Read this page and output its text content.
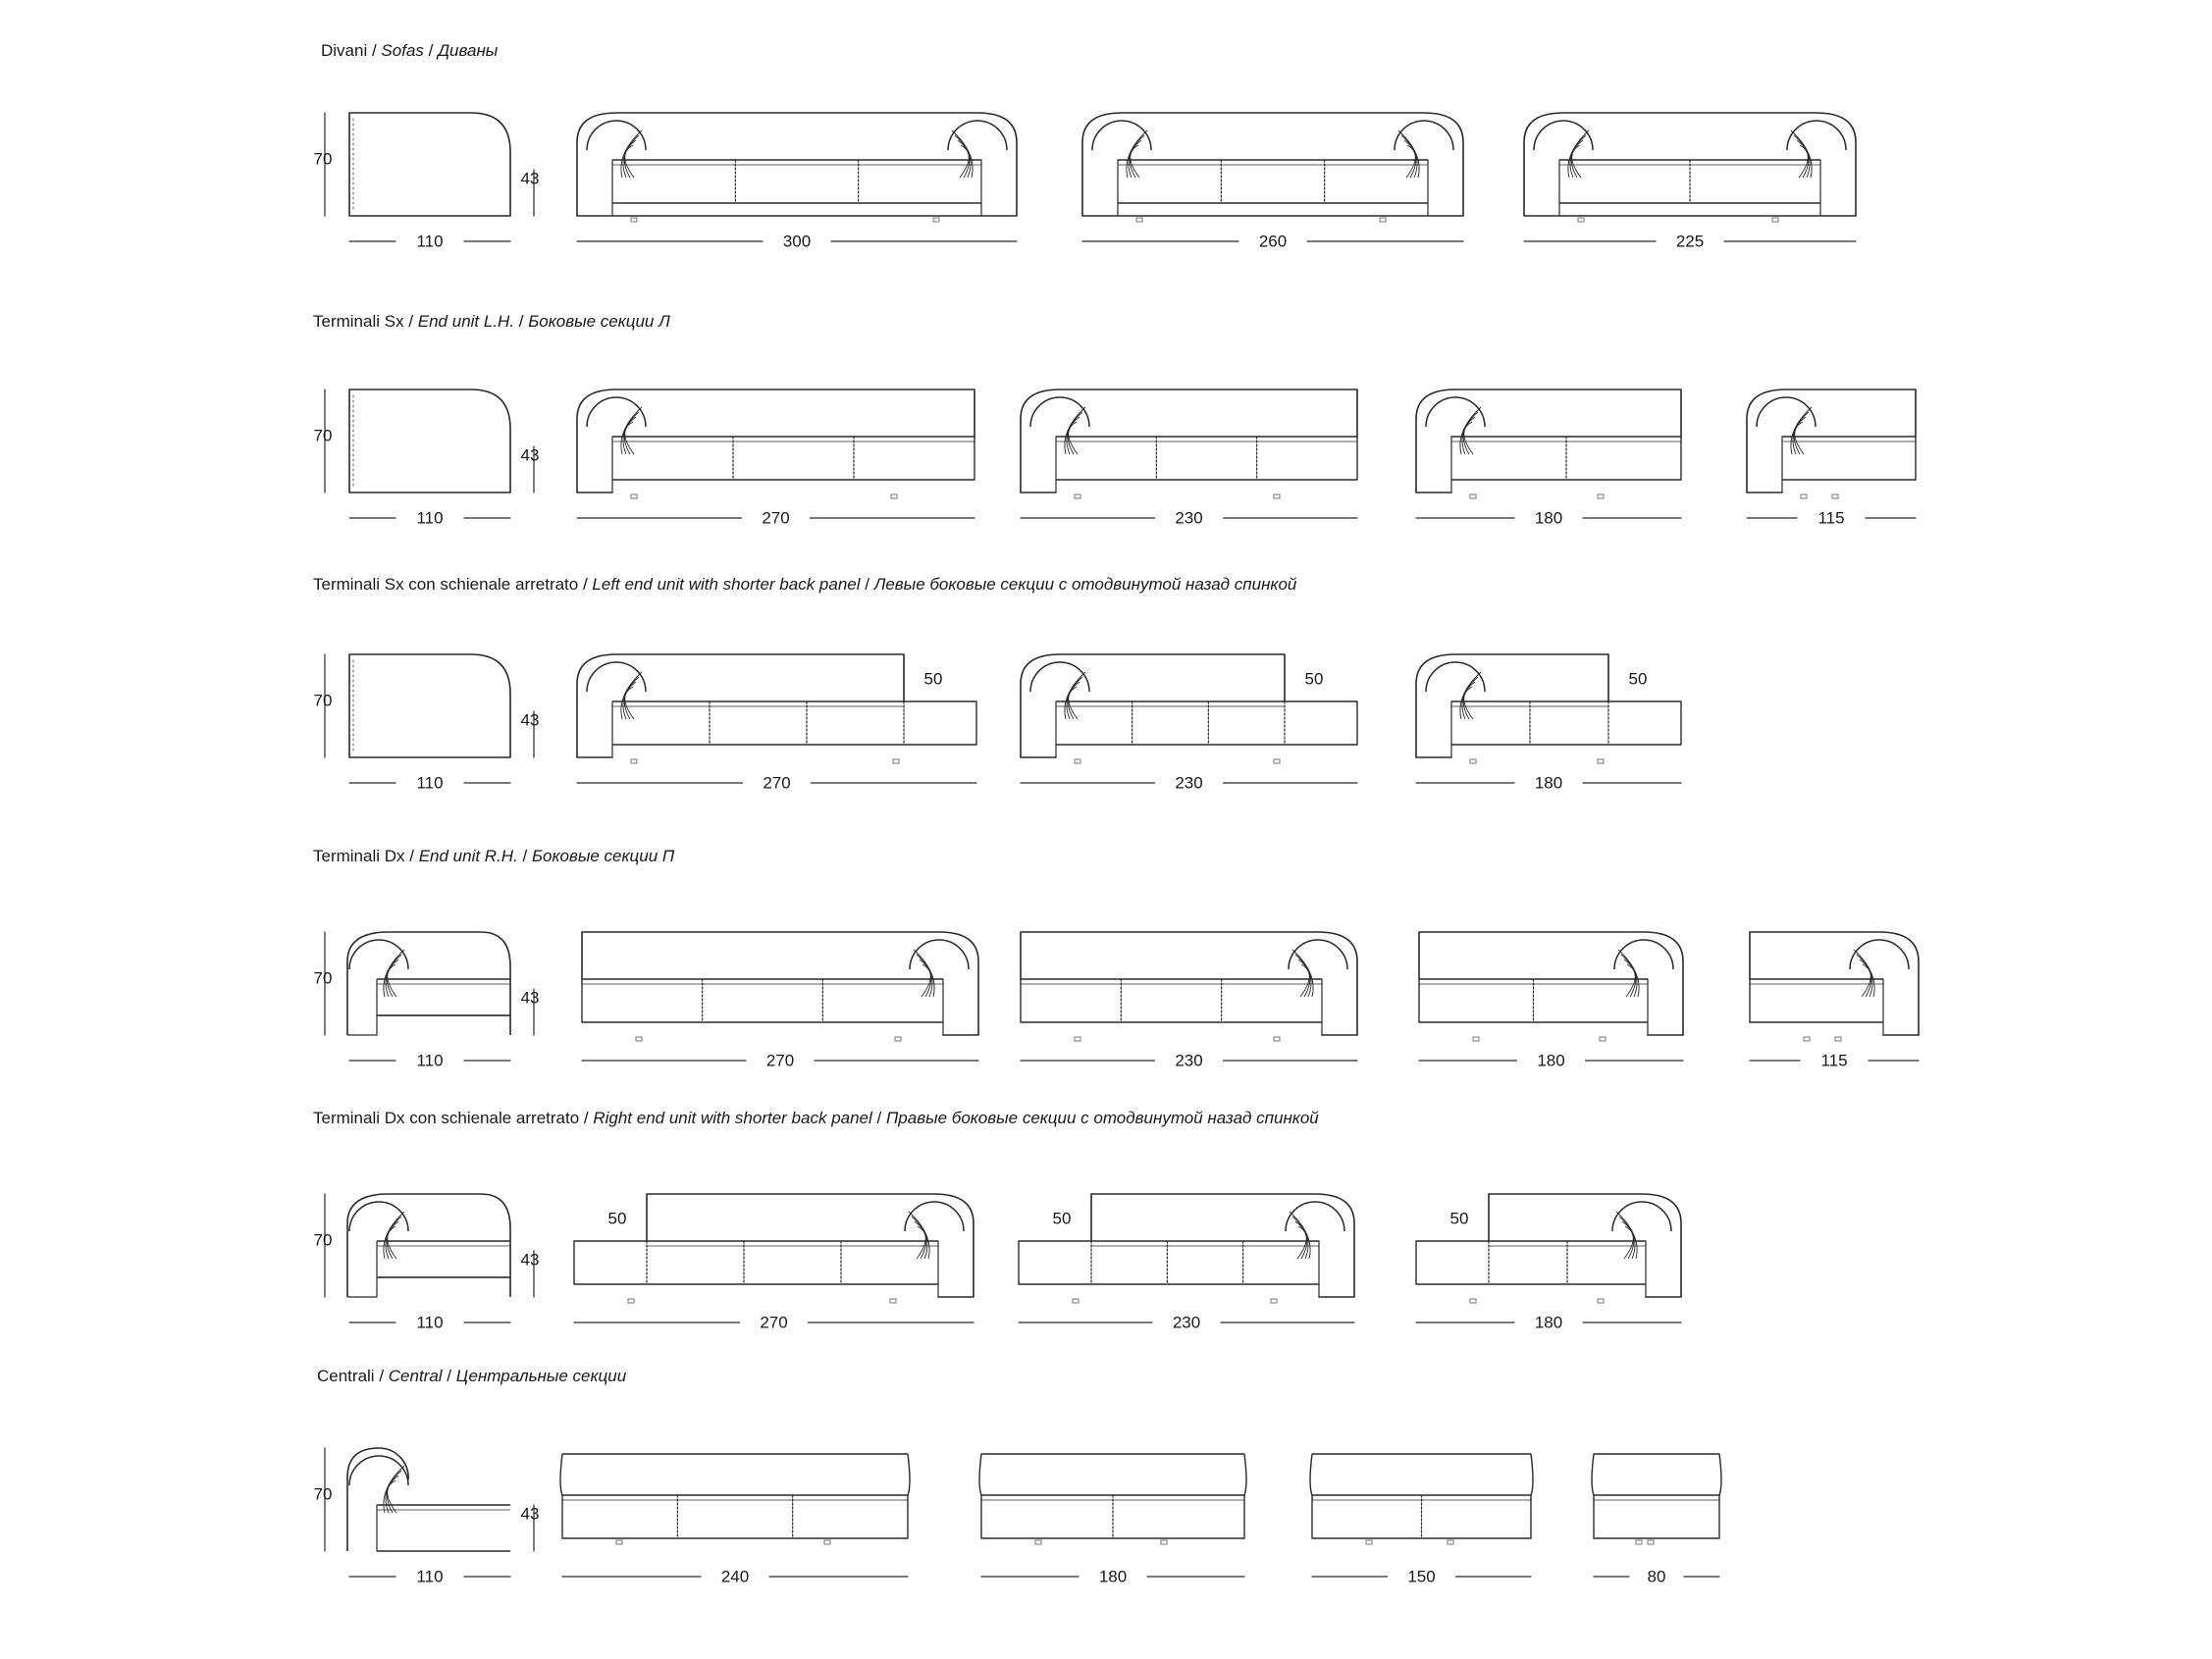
Divani / Sofas / Диваны
Terminali Sx / End unit L.H. / Боковые секции Л
Terminali Sx con schienale arretrato / Left end unit with shorter back panel / Левые боковые секции с отодвинутой назад спинкой
Terminali Dx / End unit R.H. / Боковые секции П
Terminali Dx con schienale arretrato / Right end unit with shorter back panel / Правые боковые секции с отодвинутой назад спинкой
Centrali / Central / Центральные секции
70
43
110	300	260	225
70
43
110	270	230	180	115
70
43
110
50
270
50
230
50
180
70
43
110	270	230	180	115
70
43
110
50
270
50
230
50
180
70
43
110	240	180	150	80
